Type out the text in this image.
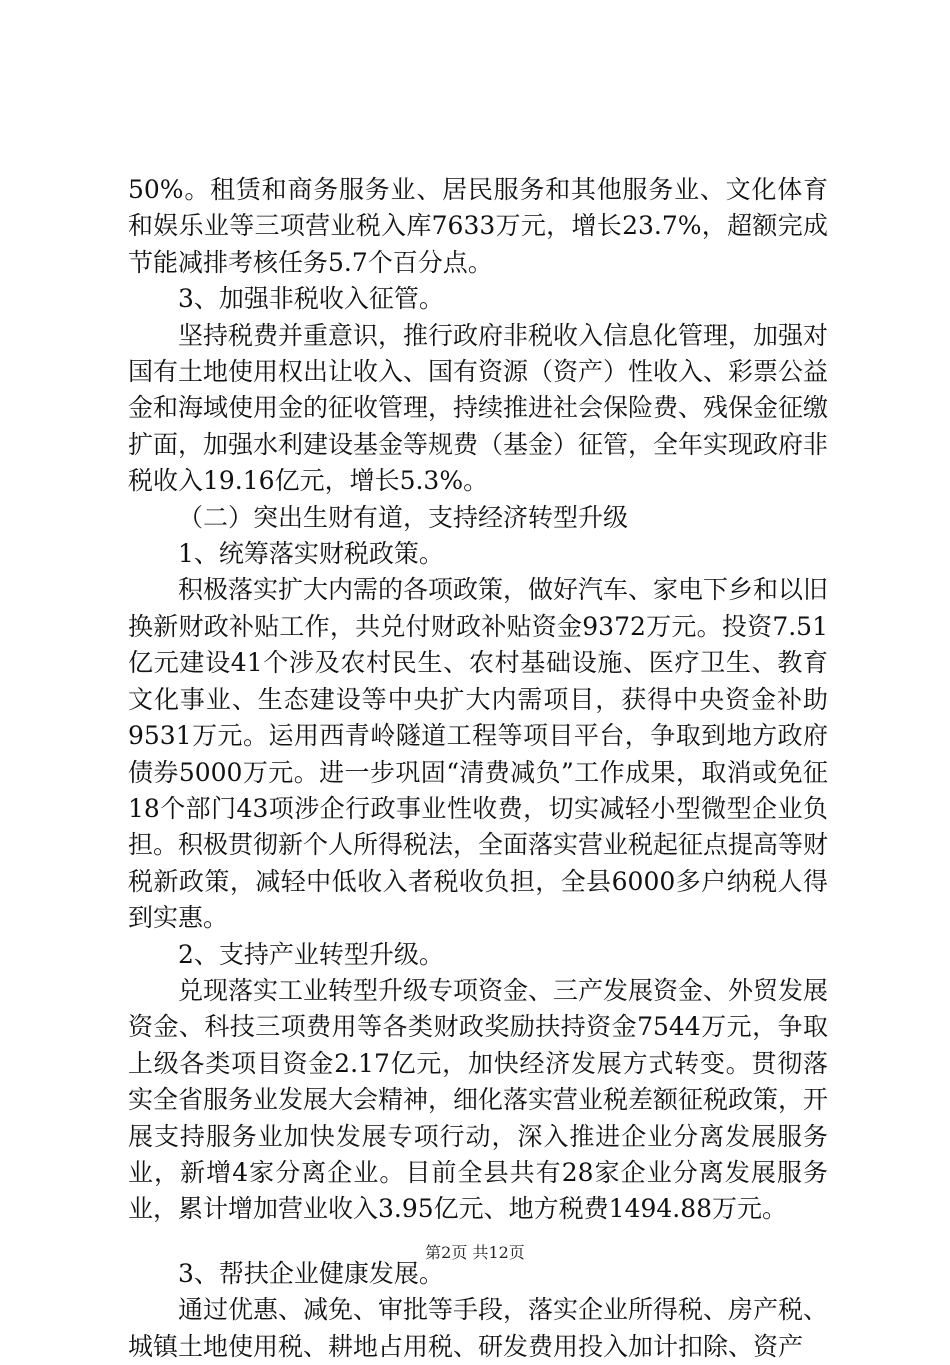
50%。租赁和商务服务业、居民服务和其他服务业、文化体育和娱乐业等三项营业税入库7633万元，增长23.7%，超额完成节能减排考核任务5.7个百分点。

3、加强非税收入征管。

坚持税费并重意识，推行政府非税收入信息化管理，加强对国有土地使用权出让收入、国有资源（资产）性收入、彩票公益金和海域使用金的征收管理，持续推进社会保险费、残保金征缴扩面，加强水利建设基金等规费（基金）征管，全年实现政府非税收入19.16亿元，增长5.3%。

（二）突出生财有道，支持经济转型升级

1、统筹落实财税政策。

积极落实扩大内需的各项政策，做好汽车、家电下乡和以旧换新财政补贴工作，共兑付财政补贴资金9372万元。投资7.51亿元建设41个涉及农村民生、农村基础设施、医疗卫生、教育文化事业、生态建设等中央扩大内需项目，获得中央资金补助9531万元。运用西青岭隧道工程等项目平台，争取到地方政府债券5000万元。进一步巩固“清费减负”工作成果，取消或免征18个部门43项涉企行政事业性收费，切实减轻小型微型企业负担。积极贯彻新个人所得税法，全面落实营业税起征点提高等财税新政策，减轻中低收入者税收负担，全县6000多户纳税人得到实惠。

2、支持产业转型升级。

兑现落实工业转型升级专项资金、三产发展资金、外贸发展资金、科技三项费用等各类财政奖励扶持资金7544万元，争取上级各类项目资金2.17亿元，加快经济发展方式转变。贯彻落实全省服务业发展大会精神，细化落实营业税差额征税政策，开展支持服务业加快发展专项行动，深入推进企业分离发展服务业，新增4家分离企业。目前全县共有28家企业分离发展服务业，累计增加营业收入3.95亿元、地方税费1494.88万元。

3、帮扶企业健康发展。

通过优惠、减免、审批等手段，落实企业所得税、房产税、城镇土地使用税、耕地占用税、研发费用投入加计扣除、资产

第2页 共12页
